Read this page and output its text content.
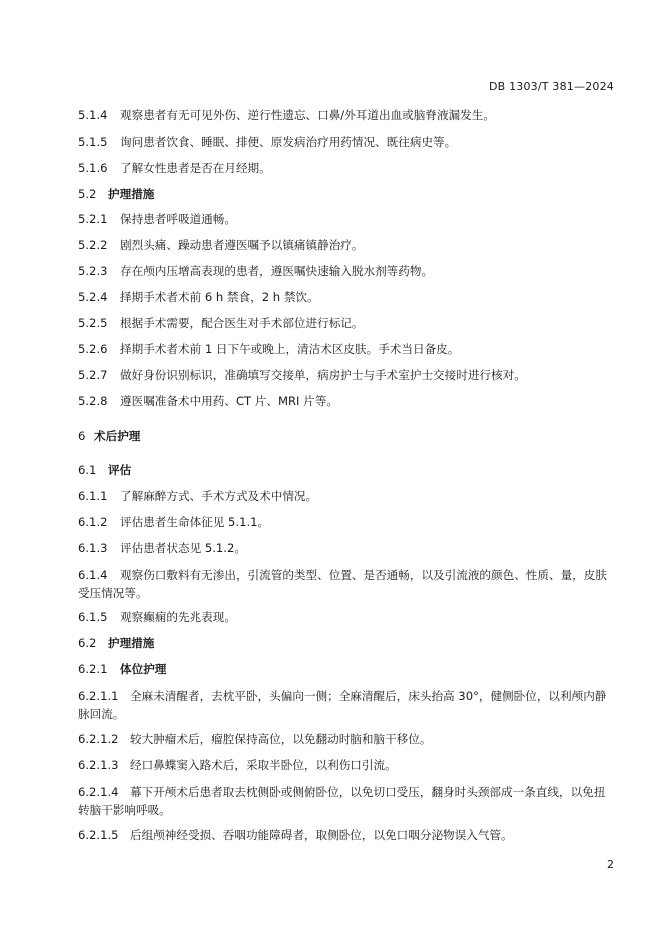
DB 1303/T 381—2024
5.1.4 观察患者有无可见外伤、逆行性遗忘、口鼻/外耳道出血或脑脊液漏发生。
5.1.5 询问患者饮食、睡眠、排便、原发病治疗用药情况、既往病史等。
5.1.6 了解女性患者是否在月经期。
5.2 护理措施
5.2.1 保持患者呼吸道通畅。
5.2.2 剧烈头痛、躁动患者遵医嘱予以镇痛镇静治疗。
5.2.3 存在颅内压增高表现的患者，遵医嘱快速输入脱水剂等药物。
5.2.4 择期手术者术前 6 h 禁食，2 h 禁饮。
5.2.5 根据手术需要，配合医生对手术部位进行标记。
5.2.6 择期手术者术前 1 日下午或晚上，清洁术区皮肤。手术当日备皮。
5.2.7 做好身份识别标识，准确填写交接单，病房护士与手术室护士交接时进行核对。
5.2.8 遵医嘱准备术中用药、CT 片、MRI 片等。
6 术后护理
6.1 评估
6.1.1 了解麻醉方式、手术方式及术中情况。
6.1.2 评估患者生命体征见 5.1.1。
6.1.3 评估患者状态见 5.1.2。
6.1.4 观察伤口敷料有无渗出，引流管的类型、位置、是否通畅，以及引流液的颜色、性质、量，皮肤受压情况等。
6.1.5 观察癫痫的先兆表现。
6.2 护理措施
6.2.1 体位护理
6.2.1.1 全麻未清醒者，去枕平卧，头偏向一侧；全麻清醒后，床头抬高 30°，健侧卧位，以利颅内静脉回流。
6.2.1.2 较大肿瘤术后，瘤腔保持高位，以免翻动时脑和脑干移位。
6.2.1.3 经口鼻蝶窦入路术后，采取半卧位，以利伤口引流。
6.2.1.4 幕下开颅术后患者取去枕侧卧或侧俯卧位，以免切口受压，翻身时头颈部成一条直线，以免扭转脑干影响呼吸。
6.2.1.5 后组颅神经受损、吞咽功能障碍者，取侧卧位，以免口咽分泌物误入气管。
2
